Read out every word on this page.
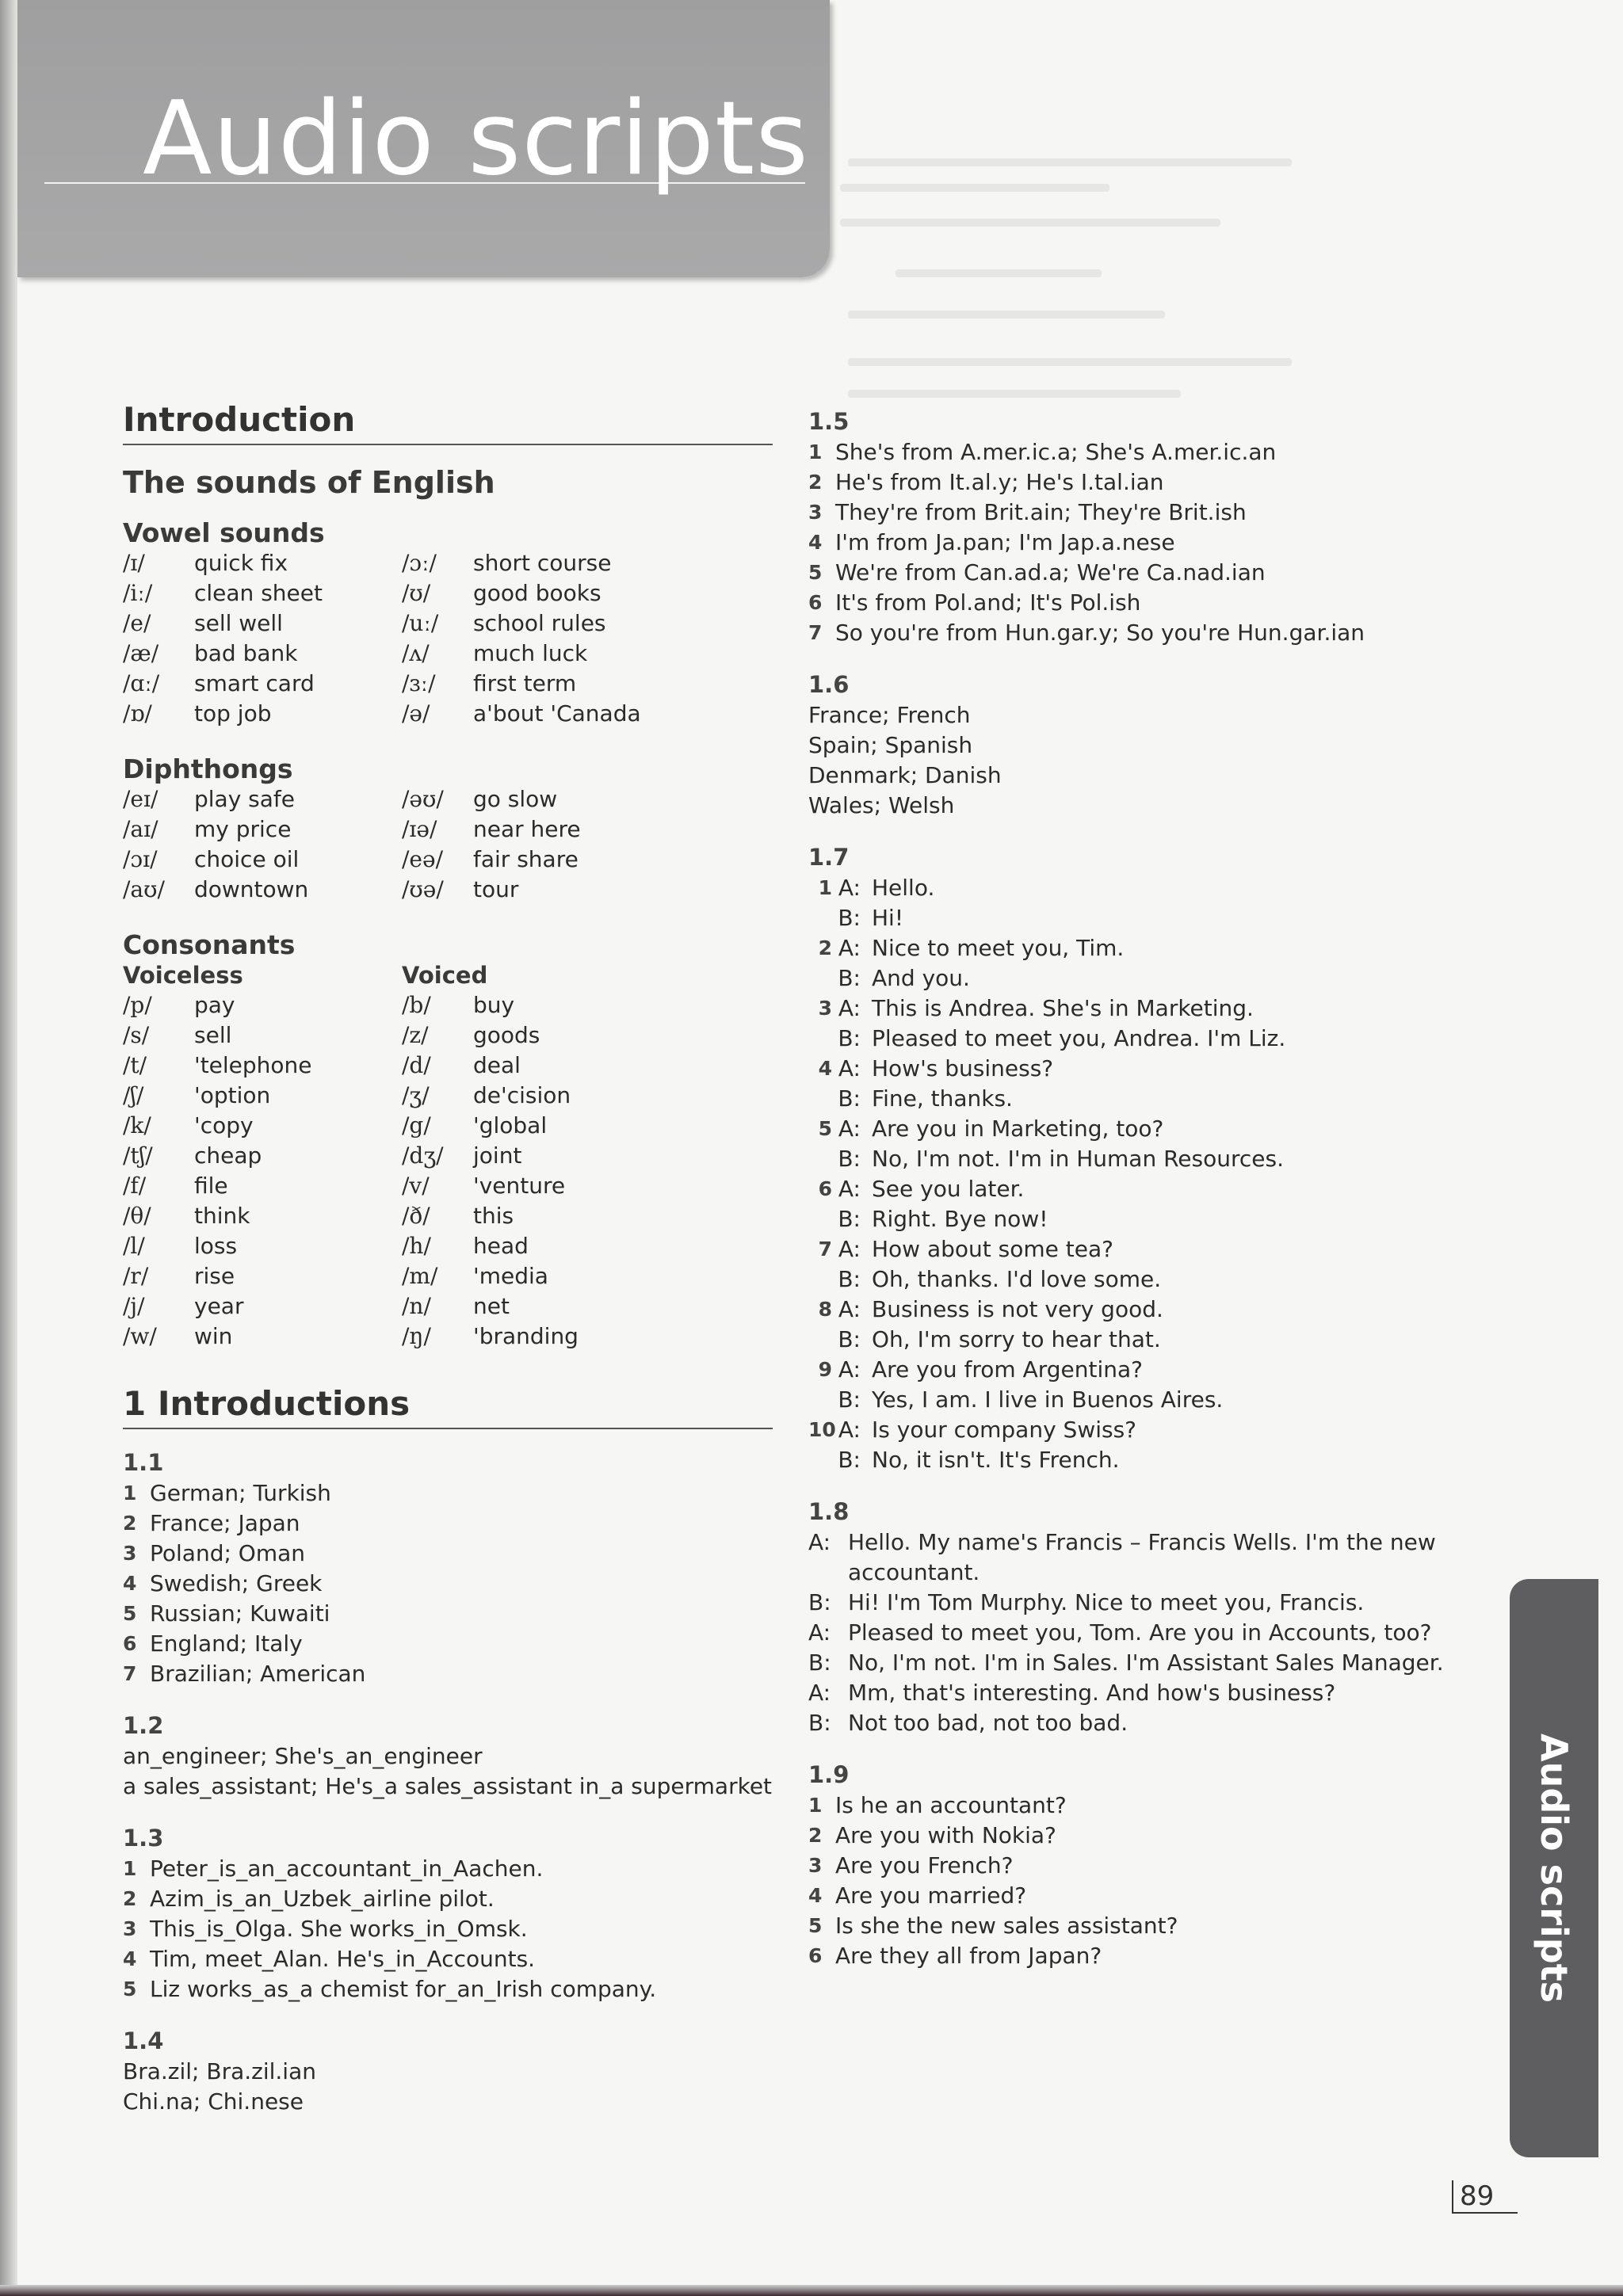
Audio scripts
Introduction
The sounds of English
Vowel sounds
/ɪ/	quick fix	/ɔː/	short course
/iː/	clean sheet	/ʊ/	good books
/e/	sell well	/uː/	school rules
/æ/	bad bank	/ʌ/	much luck
/ɑː/	smart card	/ɜː/	first term
/ɒ/	top job	/ə/	a'bout 'Canada
Diphthongs
/eɪ/	play safe	/əʊ/	go slow
/aɪ/	my price	/ɪə/	near here
/ɔɪ/	choice oil	/eə/	fair share
/aʊ/	downtown	/ʊə/	tour
Consonants
Voiceless	Voiced
/p/	pay	/b/	buy
/s/	sell	/z/	goods
/t/	'telephone	/d/	deal
/ʃ/	'option	/ʒ/	de'cision
/k/	'copy	/g/	'global
/tʃ/	cheap	/dʒ/	joint
/f/	file	/v/	'venture
/θ/	think	/ð/	this
/l/	loss	/h/	head
/r/	rise	/m/	'media
/j/	year	/n/	net
/w/	win	/ŋ/	'branding
1 Introductions
1.1
1 German; Turkish
2 France; Japan
3 Poland; Oman
4 Swedish; Greek
5 Russian; Kuwaiti
6 England; Italy
7 Brazilian; American
1.2
an_engineer; She's_an_engineer
a sales_assistant; He's_a sales_assistant in_a supermarket
1.3
1 Peter_is_an_accountant_in_Aachen.
2 Azim_is_an_Uzbek_airline pilot.
3 This_is_Olga. She works_in_Omsk.
4 Tim, meet_Alan. He's_in_Accounts.
5 Liz works_as_a chemist for_an_Irish company.
1.4
Bra.zil; Bra.zil.ian
Chi.na; Chi.nese
1.5
1 She's from A.mer.ic.a; She's A.mer.ic.an
2 He's from It.al.y; He's I.tal.ian
3 They're from Brit.ain; They're Brit.ish
4 I'm from Ja.pan; I'm Jap.a.nese
5 We're from Can.ad.a; We're Ca.nad.ian
6 It's from Pol.and; It's Pol.ish
7 So you're from Hun.gar.y; So you're Hun.gar.ian
1.6
France; French
Spain; Spanish
Denmark; Danish
Wales; Welsh
1.7
1 A: Hello.
B: Hi!
2 A: Nice to meet you, Tim.
B: And you.
3 A: This is Andrea. She's in Marketing.
B: Pleased to meet you, Andrea. I'm Liz.
4 A: How's business?
B: Fine, thanks.
5 A: Are you in Marketing, too?
B: No, I'm not. I'm in Human Resources.
6 A: See you later.
B: Right. Bye now!
7 A: How about some tea?
B: Oh, thanks. I'd love some.
8 A: Business is not very good.
B: Oh, I'm sorry to hear that.
9 A: Are you from Argentina?
B: Yes, I am. I live in Buenos Aires.
10 A: Is your company Swiss?
B: No, it isn't. It's French.
1.8
A: Hello. My name's Francis – Francis Wells. I'm the new accountant.
B: Hi! I'm Tom Murphy. Nice to meet you, Francis.
A: Pleased to meet you, Tom. Are you in Accounts, too?
B: No, I'm not. I'm in Sales. I'm Assistant Sales Manager.
A: Mm, that's interesting. And how's business?
B: Not too bad, not too bad.
1.9
1 Is he an accountant?
2 Are you with Nokia?
3 Are you French?
4 Are you married?
5 Is she the new sales assistant?
6 Are they all from Japan?	Audio scripts
89
